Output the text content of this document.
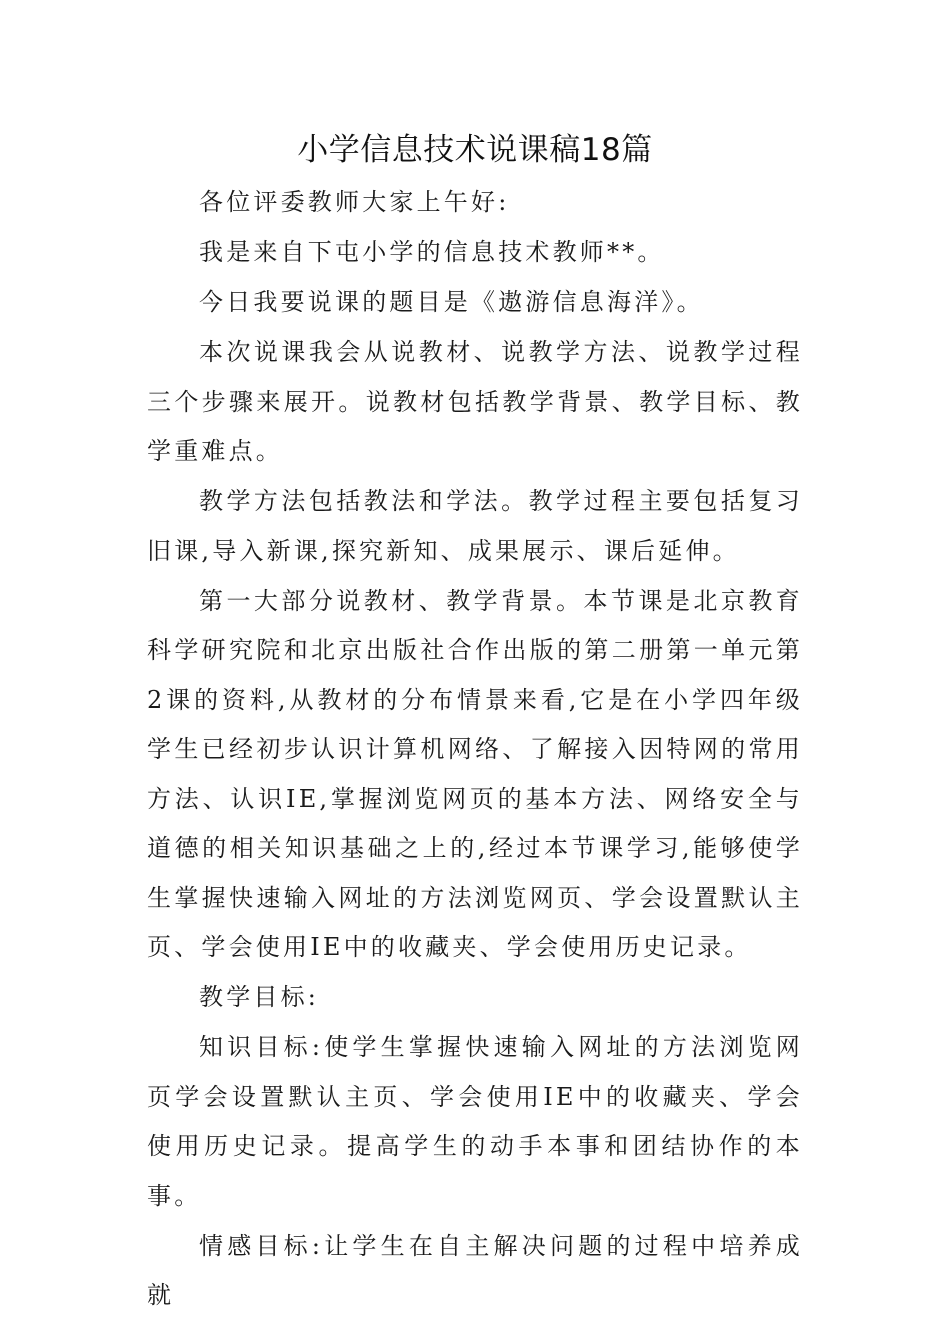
小学信息技术说课稿18篇

各位评委教师大家上午好:

我是来自下屯小学的信息技术教师**。

今日我要说课的题目是《遨游信息海洋》。

本次说课我会从说教材、说教学方法、说教学过程三个步骤来展开。说教材包括教学背景、教学目标、教学重难点。

教学方法包括教法和学法。教学过程主要包括复习旧课,导入新课,探究新知、成果展示、课后延伸。

第一大部分说教材、教学背景。本节课是北京教育科学研究院和北京出版社合作出版的第二册第一单元第2课的资料,从教材的分布情景来看,它是在小学四年级学生已经初步认识计算机网络、了解接入因特网的常用方法、认识IE,掌握浏览网页的基本方法、网络安全与道德的相关知识基础之上的,经过本节课学习,能够使学生掌握快速输入网址的方法浏览网页、学会设置默认主页、学会使用IE中的收藏夹、学会使用历史记录。

教学目标:

知识目标:使学生掌握快速输入网址的方法浏览网页学会设置默认主页、学会使用IE中的收藏夹、学会使用历史记录。提高学生的动手本事和团结协作的本事。

情感目标:让学生在自主解决问题的过程中培养成就
